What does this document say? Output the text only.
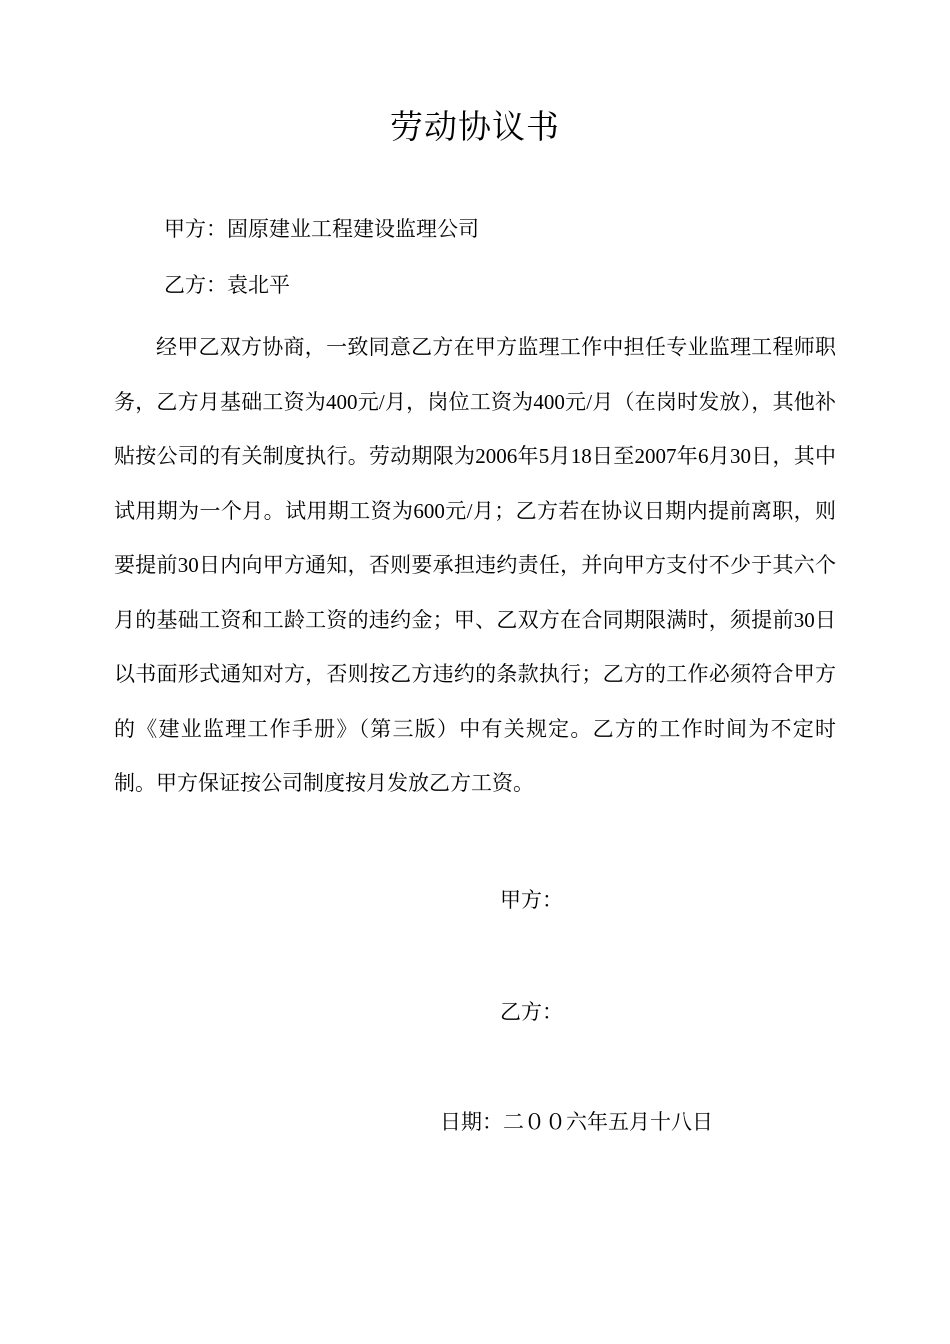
劳动协议书
甲方：固原建业工程建设监理公司
乙方：袁北平
经甲乙双方协商，一致同意乙方在甲方监理工作中担任专业监理工程师职务，乙方月基础工资为400元/月，岗位工资为400元/月（在岗时发放），其他补贴按公司的有关制度执行。劳动期限为2006年5月18日至2007年6月30日，其中试用期为一个月。试用期工资为600元/月；乙方若在协议日期内提前离职，则要提前30日内向甲方通知，否则要承担违约责任，并向甲方支付不少于其六个月的基础工资和工龄工资的违约金；甲、乙双方在合同期限满时，须提前30日以书面形式通知对方，否则按乙方违约的条款执行；乙方的工作必须符合甲方的《建业监理工作手册》（第三版）中有关规定。乙方的工作时间为不定时制。甲方保证按公司制度按月发放乙方工资。
甲方：
乙方：
日期：二００六年五月十八日
